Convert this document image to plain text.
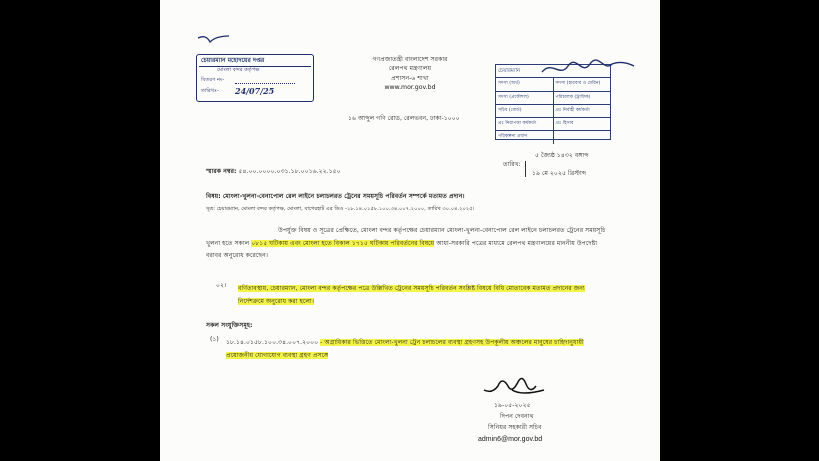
চেয়ারম্যান মহোদয়ের দপ্তর
মোংলা বন্দর কর্তৃপক্ষ
বিতরণ নং-
তারিখঃ- 24/07/25
গণপ্রজাতন্ত্রী বাংলাদেশ সরকার
রেলপথ মন্ত্রণালয়
প্রশাসন-৬ শাখা
www.mor.gov.bd
১৬ আব্দুল গণি রোড, রেলভবন, ঢাকা-১০০০
চেয়ারম্যান
সদস্য (অর্থ)	সদস্য (হারবার ও মেরিন)
সদস্য (প্রকৌশল)	পরিচালক (ট্রাফিক)
সচিব (বোর্ড)	প্রঃ নির্বাহী কর্মকর্তা
প্রঃ নিরাপত্তা কর্মকর্তা	প্রঃ হিসাব
পরিকল্পনা প্রধান
৫ জ্যৈষ্ঠ ১৪৩২ বঙ্গাব্দ
তারিখ:
১৯ মে ২০২৫ খ্রিস্টাব্দ
স্মারক নম্বর: ৫৪.০০.০০০০.০৩১.১৮.০০১৬.২২.১৫০
বিষয়: মোংলা-খুলনা-বেনাপোল রেল লাইনে চলাচলরত ট্রেনের সময়সূচি পরিবর্তন সম্পর্কে মতামত প্রদান।
সূত্র: চেয়ারম্যান, মোংলা বন্দর কর্তৃপক্ষ, মোংলা, বাগেরহাট এর ডিও -১৮.১৪.০১৫৮.১০০.৩৪.০০৭.২০০০, তারিখ ৩০.০৪.২০২৫।
উপর্যুক্ত বিষয় ও সূত্রের প্রেক্ষিতে, মোংলা বন্দর কর্তৃপক্ষের চেয়ারম্যান মোংলা-খুলনা-বেনাপোল রেল লাইনে চলাচলরত ট্রেনের সময়সূচি খুলনা হতে সকাল ০৮১৫ ঘটিকায় এবং মোংলা হতে বিকাল ১৭১৫ ঘটিকায় পরিবর্তনের বিষয়ে আধা-সরকারি পত্রের মাধ্যমে রেলপথ মন্ত্রণালয়ের মাননীয় উপদেষ্টা বরাবর অনুরোধ করেছেন।
০২। বর্ণিতাবস্থায়, চেয়ারম্যান, মোংলা বন্দর কর্তৃপক্ষের পত্রে উল্লিখিত ট্রেনের সময়সূচি পরিবর্তন সংশ্লিষ্ট বিষয়ে বিধি মোতাবেক মতামত প্রদানের জন্য নির্দেশক্রমে অনুরোধ করা হলো।
সকল সংযুক্তিসমূহ:
(১) ১৮.১৪.০১৫৮.১০০.৩৪.০০৭.২০০০ - অগ্রাধিকার ভিত্তিতে মোংলা-খুলনা ট্রেন চলাচলের ব্যবস্থা গ্রহণসহ উপকূলীয় অঞ্চলের মানুষের চাহিদানুযায়ী প্রয়োজনীয় যোগাযোগ ব্যবস্থা গ্রহণ প্রসঙ্গে
১৯-০৫-২০২৫
দিপন দেবনাথ
সিনিয়র সহকারী সচিব
admin6@mor.gov.bd
